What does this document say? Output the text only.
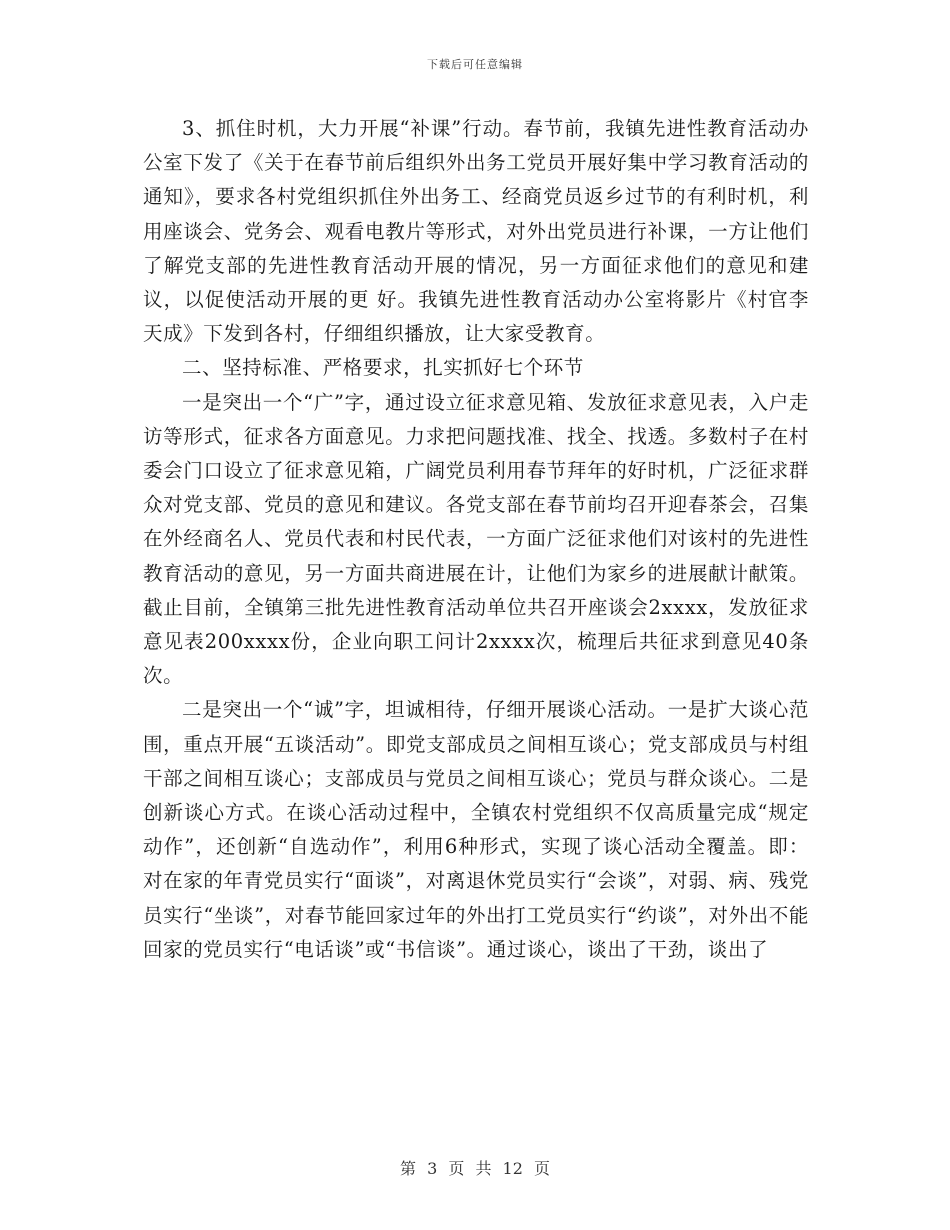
下载后可任意编辑

3、抓住时机，大力开展“补课”行动。春节前，我镇先进性教育活动办公室下发了《关于在春节前后组织外出务工党员开展好集中学习教育活动的通知》，要求各村党组织抓住外出务工、经商党员返乡过节的有利时机，利用座谈会、党务会、观看电教片等形式，对外出党员进行补课，一方让他们了解党支部的先进性教育活动开展的情况，另一方面征求他们的意见和建议，以促使活动开展的更 好。我镇先进性教育活动办公室将影片《村官李天成》下发到各村，仔细组织播放，让大家受教育。

二、坚持标准、严格要求，扎实抓好七个环节

一是突出一个“广”字，通过设立征求意见箱、发放征求意见表，入户走访等形式，征求各方面意见。力求把问题找准、找全、找透。多数村子在村委会门口设立了征求意见箱，广阔党员利用春节拜年的好时机，广泛征求群众对党支部、党员的意见和建议。各党支部在春节前均召开迎春茶会，召集在外经商名人、党员代表和村民代表，一方面广泛征求他们对该村的先进性教育活动的意见，另一方面共商进展在计，让他们为家乡的进展献计献策。截止目前，全镇第三批先进性教育活动单位共召开座谈会2xxxx，发放征求意见表200xxxx份，企业向职工问计2xxxx次，梳理后共征求到意见40条次。

二是突出一个“诚”字，坦诚相待，仔细开展谈心活动。一是扩大谈心范围，重点开展“五谈活动”。即党支部成员之间相互谈心；党支部成员与村组干部之间相互谈心；支部成员与党员之间相互谈心；党员与群众谈心。二是创新谈心方式。在谈心活动过程中，全镇农村党组织不仅高质量完成“规定动作”，还创新“自选动作”，利用6种形式，实现了谈心活动全覆盖。即：对在家的年青党员实行“面谈”，对离退休党员实行“会谈”，对弱、病、残党员实行“坐谈”，对春节能回家过年的外出打工党员实行“约谈”，对外出不能回家的党员实行“电话谈”或“书信谈”。通过谈心，谈出了干劲，谈出了

第 3 页 共 12 页
